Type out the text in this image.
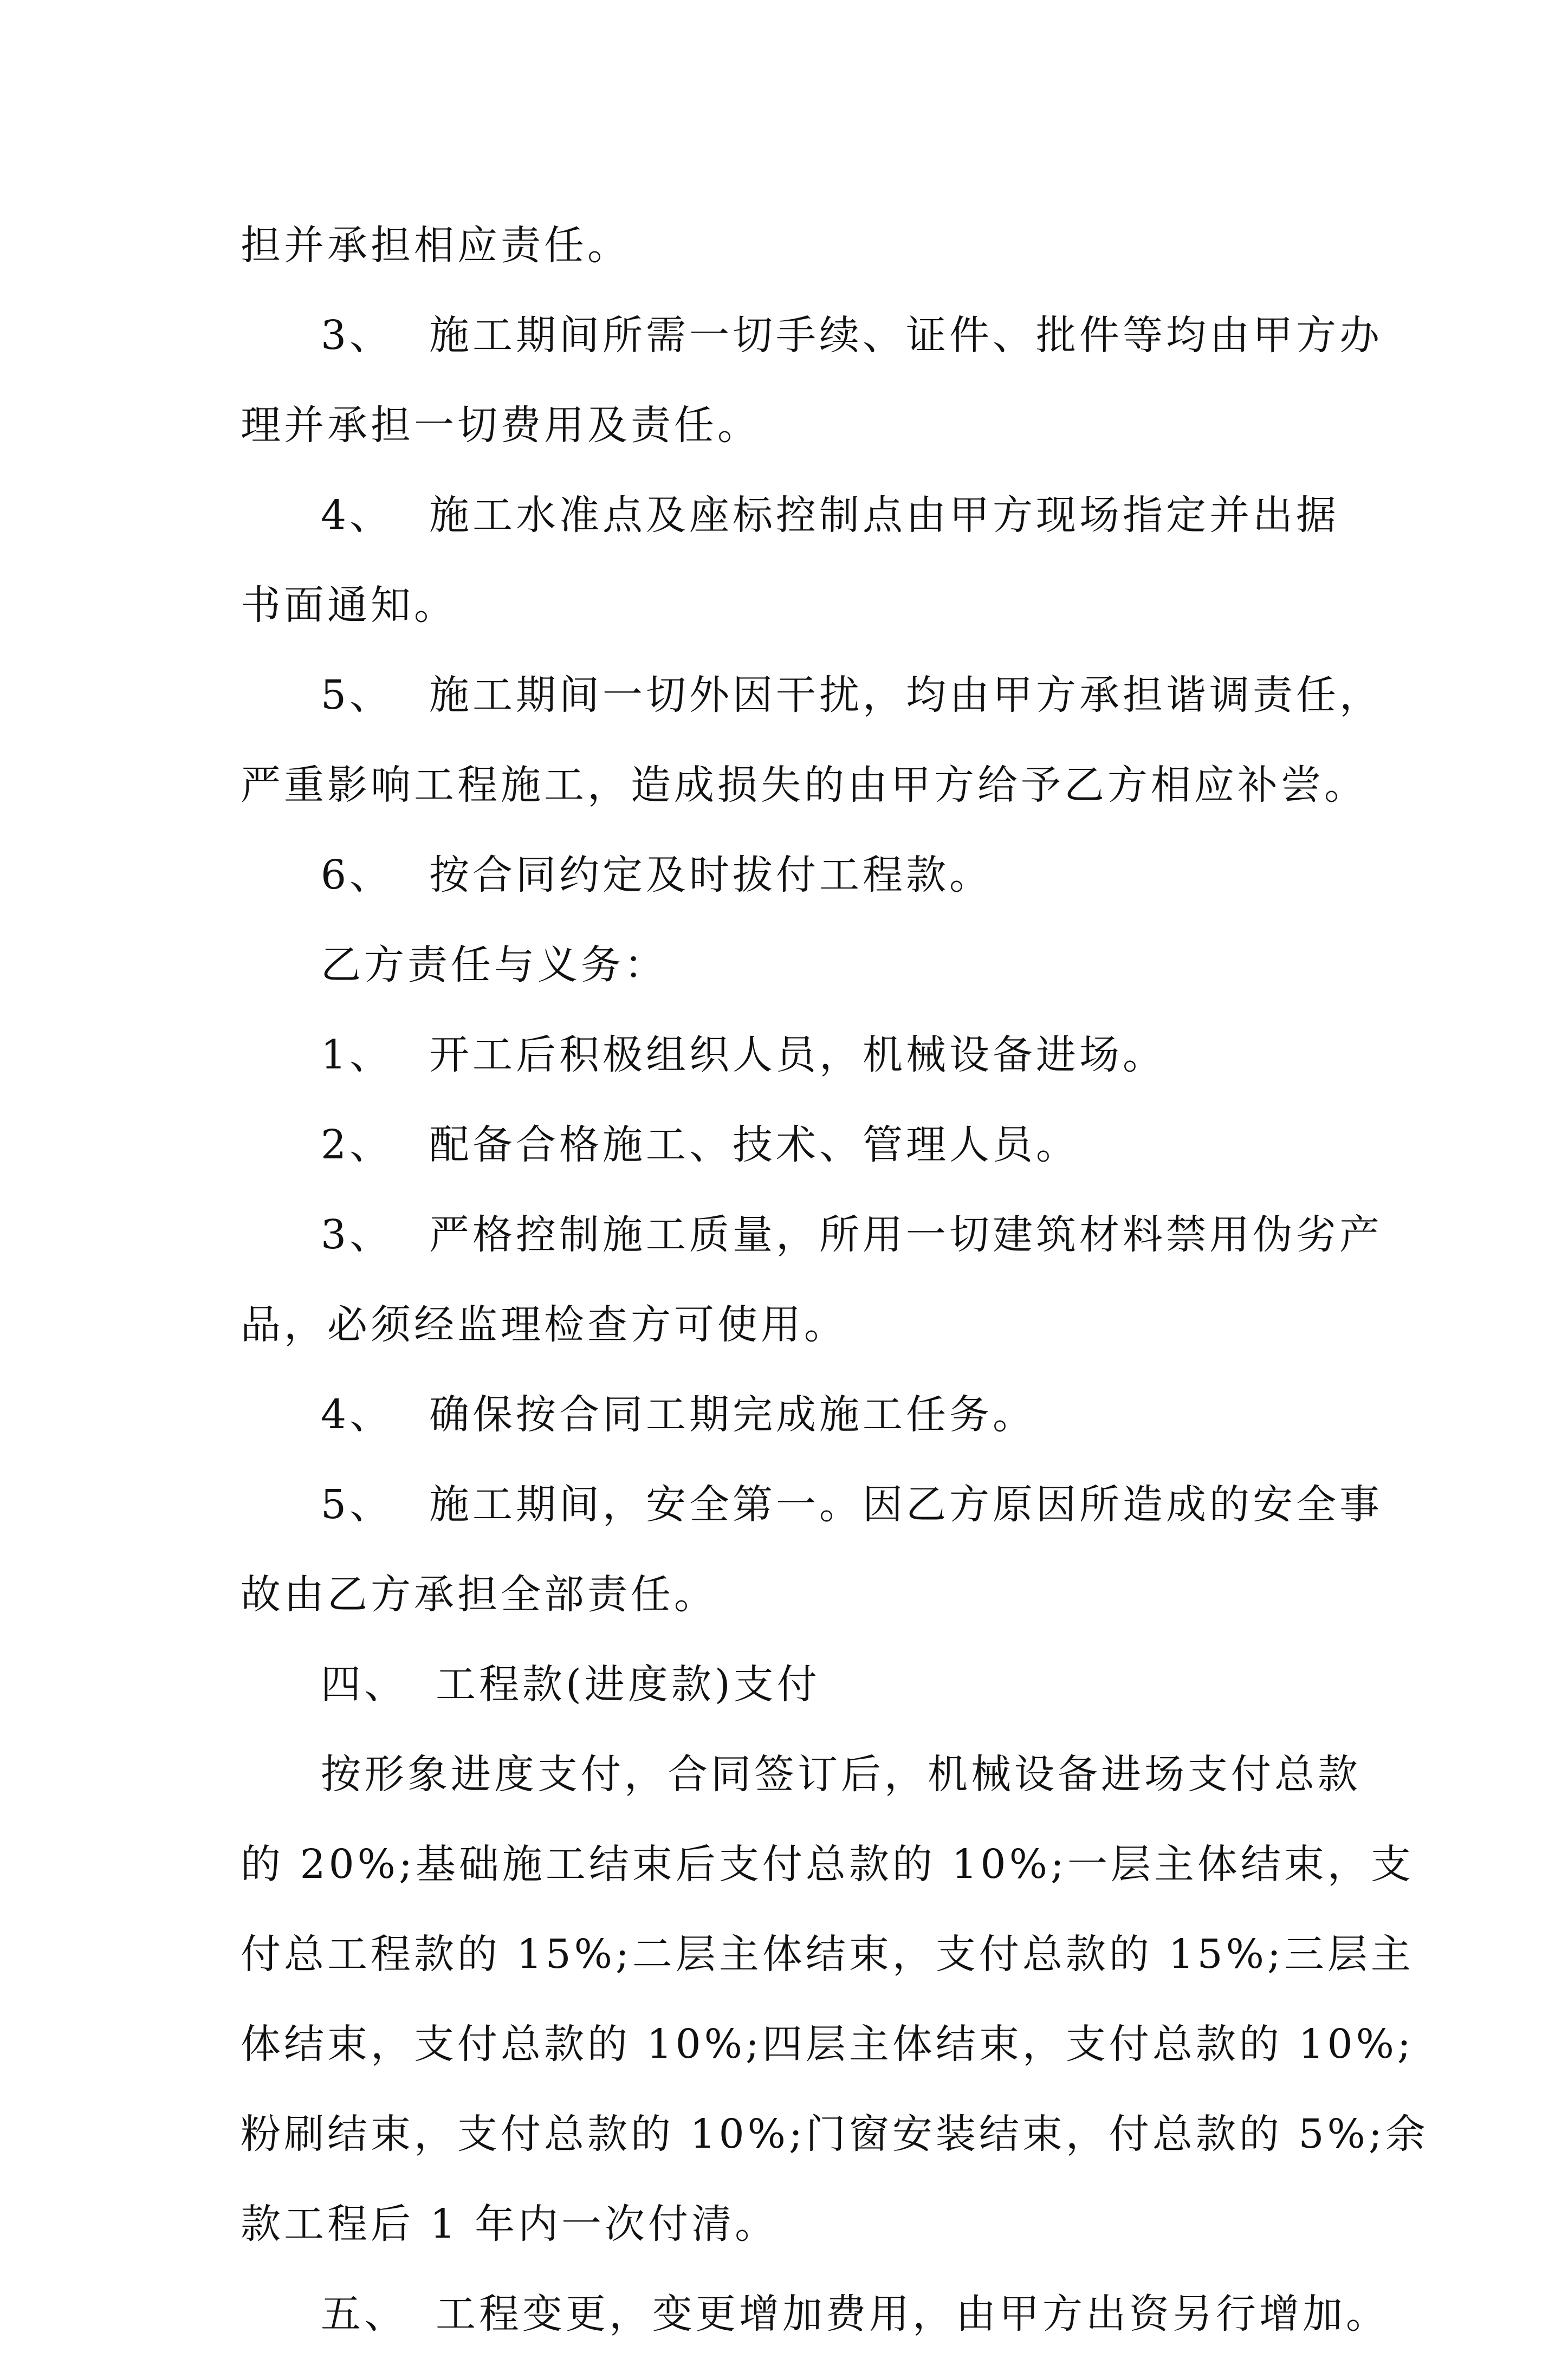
担并承担相应责任。

3、 施工期间所需一切手续、证件、批件等均由甲方办

理并承担一切费用及责任。

4、 施工水准点及座标控制点由甲方现场指定并出据

书面通知。

5、 施工期间一切外因干扰，均由甲方承担谐调责任，

严重影响工程施工，造成损失的由甲方给予乙方相应补尝。

6、 按合同约定及时拔付工程款。

乙方责任与义务：

1、 开工后积极组织人员，机械设备进场。

2、 配备合格施工、技术、管理人员。

3、 严格控制施工质量，所用一切建筑材料禁用伪劣产

品，必须经监理检查方可使用。

4、 确保按合同工期完成施工任务。

5、 施工期间，安全第一。因乙方原因所造成的安全事

故由乙方承担全部责任。

四、 工程款(进度款)支付

按形象进度支付，合同签订后，机械设备进场支付总款

的 20%;基础施工结束后支付总款的 10%;一层主体结束，支

付总工程款的 15%;二层主体结束，支付总款的 15%;三层主

体结束，支付总款的 10%;四层主体结束，支付总款的 10%;

粉刷结束，支付总款的 10%;门窗安装结束，付总款的 5%;余

款工程后 1 年内一次付清。

五、 工程变更，变更增加费用，由甲方出资另行增加。
